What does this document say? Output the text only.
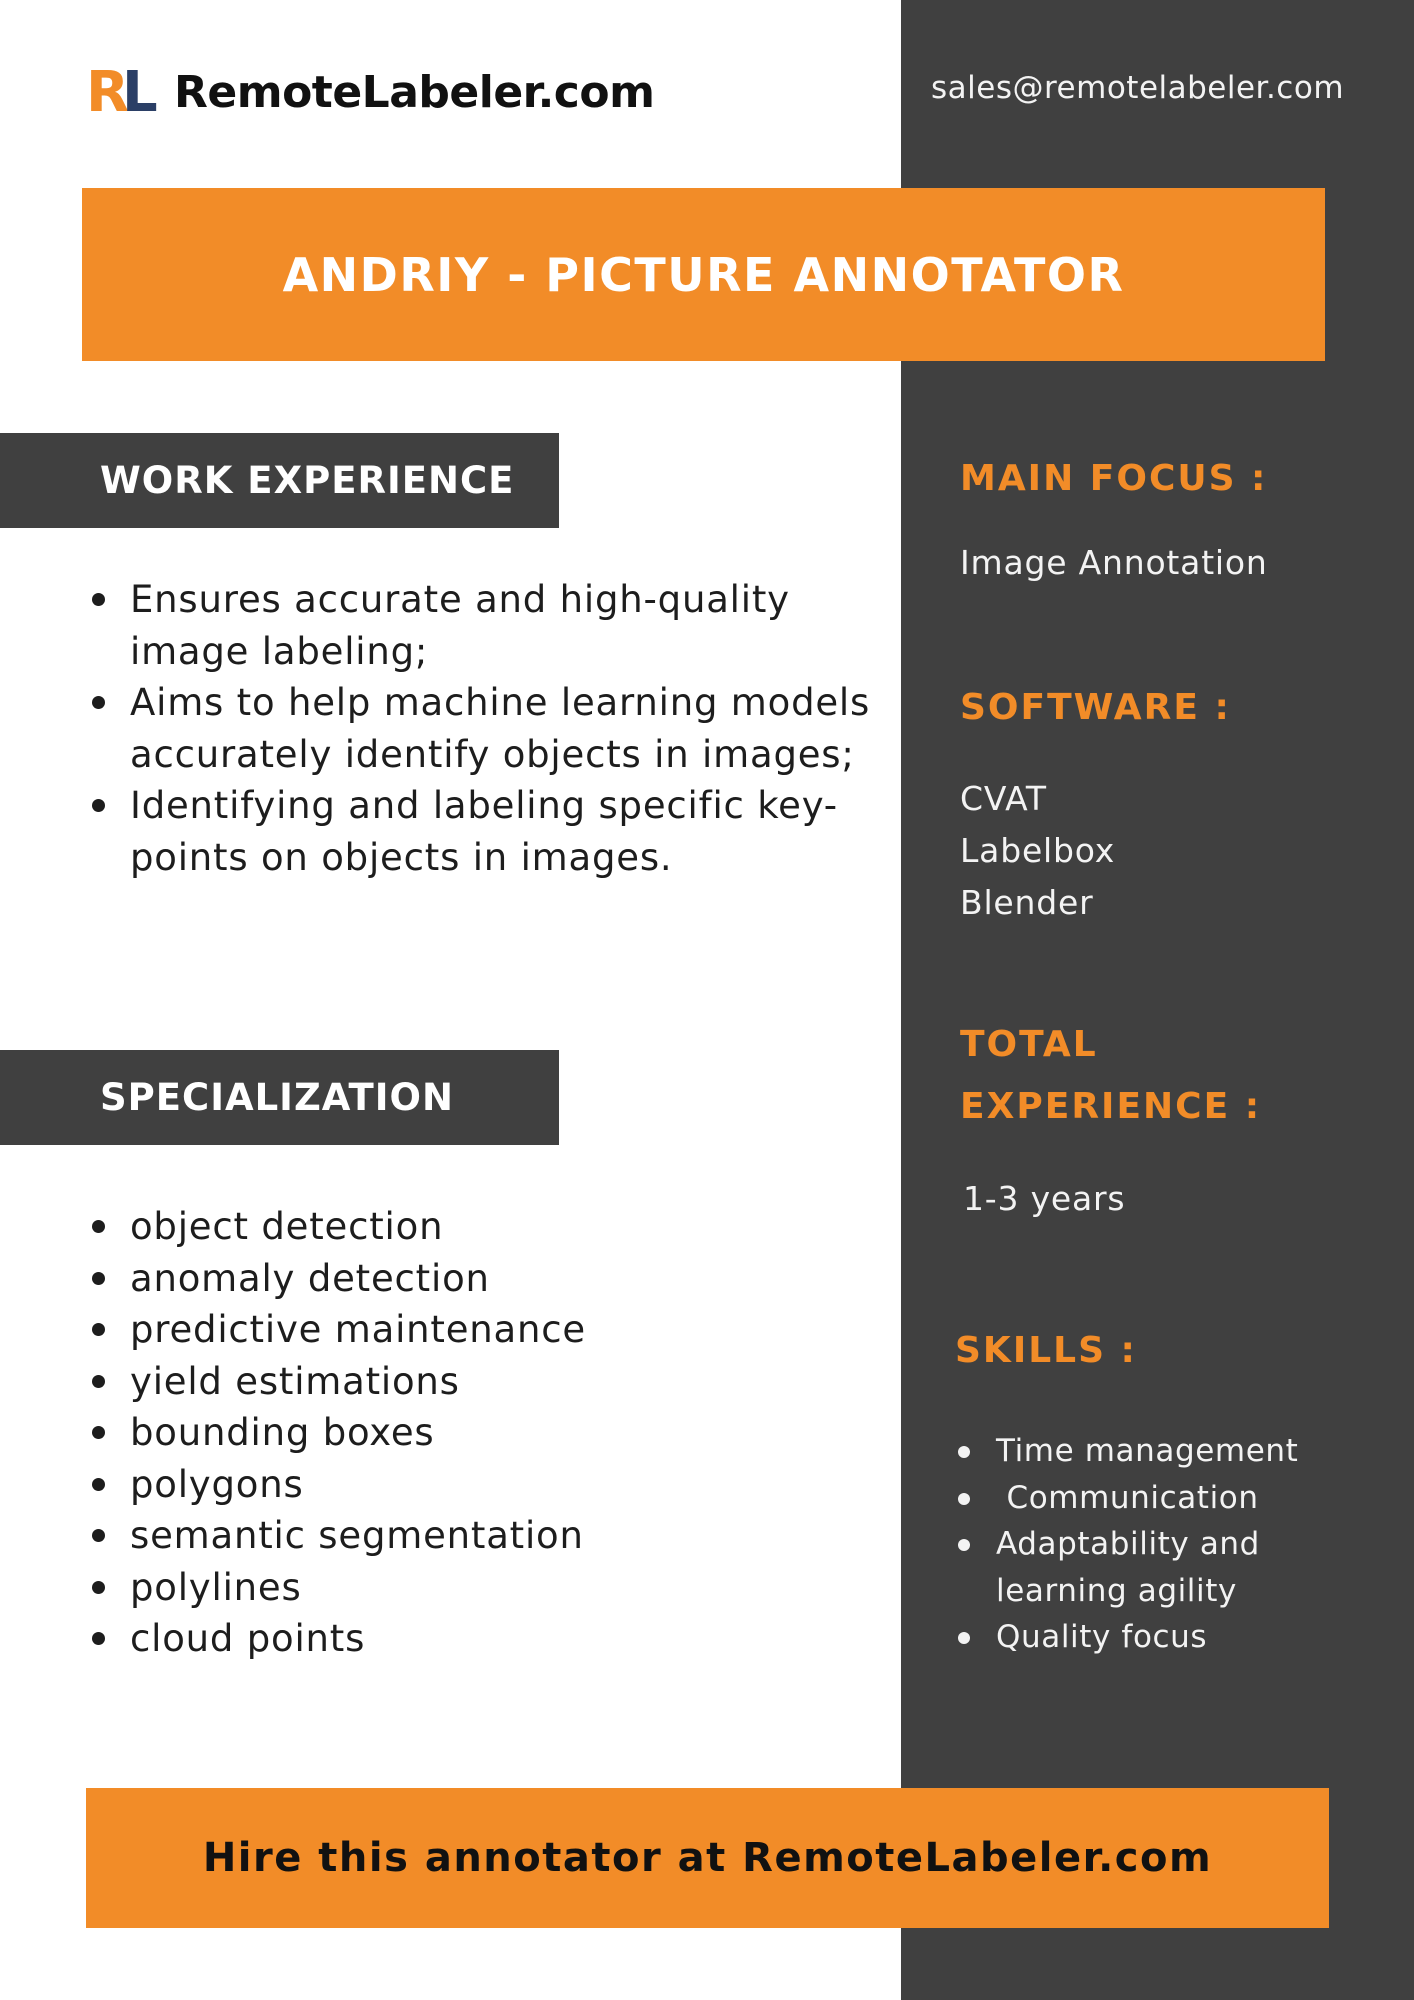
R
L RemoteLabeler.com	sales@remotelabeler.com
ANDRIY - PICTURE ANNOTATOR
WORK EXPERIENCE
Ensures accurate and high-quality image labeling;
Aims to help machine learning models accurately identify objects in images;
Identifying and labeling specific key-points on objects in images.
SPECIALIZATION
object detection
anomaly detection
predictive maintenance
yield estimations
bounding boxes
polygons
semantic segmentation
polylines
cloud points
MAIN FOCUS :
Image Annotation
SOFTWARE :
CVAT
Labelbox
Blender
TOTAL
EXPERIENCE :
1-3 years
SKILLS :
Time management
Communication
Adaptability and learning agility
Quality focus
Hire this annotator at RemoteLabeler.com
